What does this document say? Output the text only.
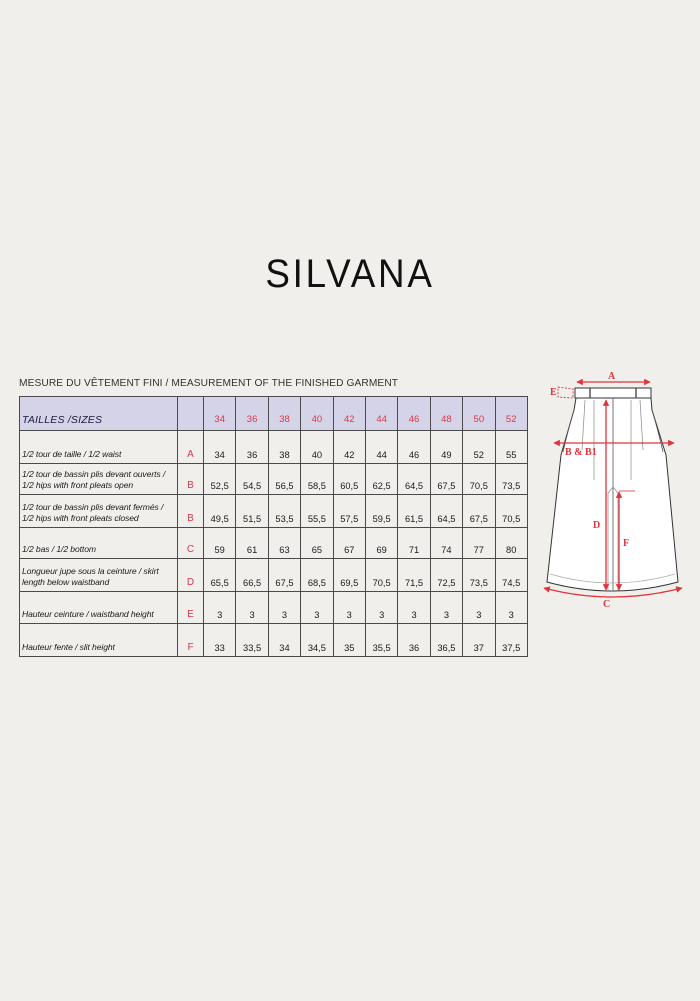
SILVANA
MESURE DU VÊTEMENT FINI / MEASUREMENT OF THE FINISHED GARMENT
TAILLES /SIZES		34	36	38	40	42	44	46	48	50	52
1/2 tour de taille / 1/2 waist	A	34	36	38	40	42	44	46	49	52	55
1/2 tour de bassin plis devant ouverts / 1/2 hips with front pleats open	B	52,5	54,5	56,5	58,5	60,5	62,5	64,5	67,5	70,5	73,5
1/2 tour de bassin plis devant fermés / 1/2 hips with front pleats closed	B	49,5	51,5	53,5	55,5	57,5	59,5	61,5	64,5	67,5	70,5
1/2 bas / 1/2 bottom	C	59	61	63	65	67	69	71	74	77	80
Longueur jupe sous la ceinture / skirt length below waistband	D	65,5	66,5	67,5	68,5	69,5	70,5	71,5	72,5	73,5	74,5
Hauteur ceinture / waistband height	E	3	3	3	3	3	3	3	3	3	3
Hauteur fente / slit height	F	33	33,5	34	34,5	35	35,5	36	36,5	37	37,5
A
E
B & B1
D
F
C
